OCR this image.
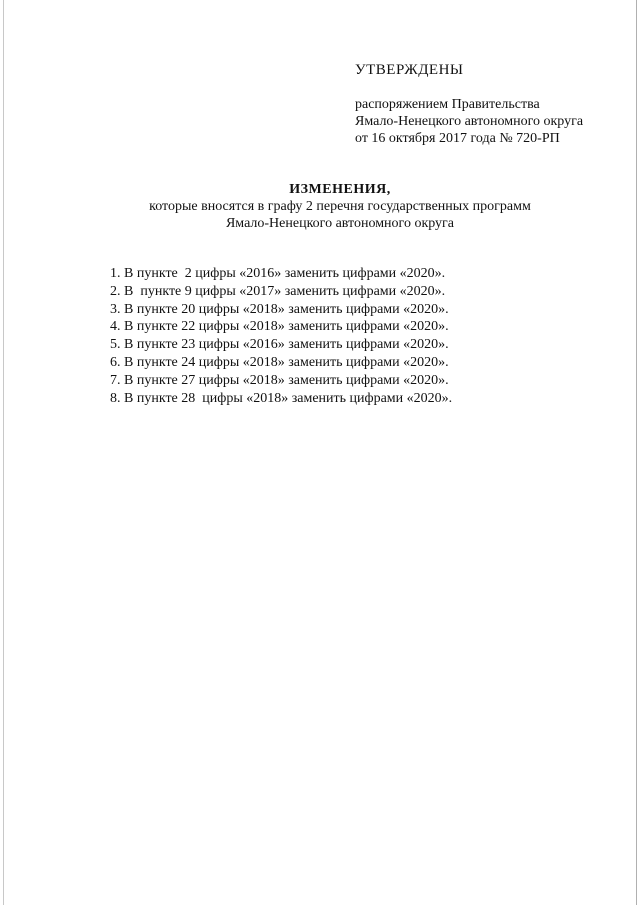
УТВЕРЖДЕНЫ
распоряжением Правительства
Ямало-Ненецкого автономного округа
от 16 октября 2017 года № 720-РП
ИЗМЕНЕНИЯ,
которые вносятся в графу 2 перечня государственных программ
Ямало-Ненецкого автономного округа
1. В пункте  2 цифры «2016» заменить цифрами «2020».
2. В  пункте 9 цифры «2017» заменить цифрами «2020».
3. В пункте 20 цифры «2018» заменить цифрами «2020».
4. В пункте 22 цифры «2018» заменить цифрами «2020».
5. В пункте 23 цифры «2016» заменить цифрами «2020».
6. В пункте 24 цифры «2018» заменить цифрами «2020».
7. В пункте 27 цифры «2018» заменить цифрами «2020».
8. В пункте 28  цифры «2018» заменить цифрами «2020».
